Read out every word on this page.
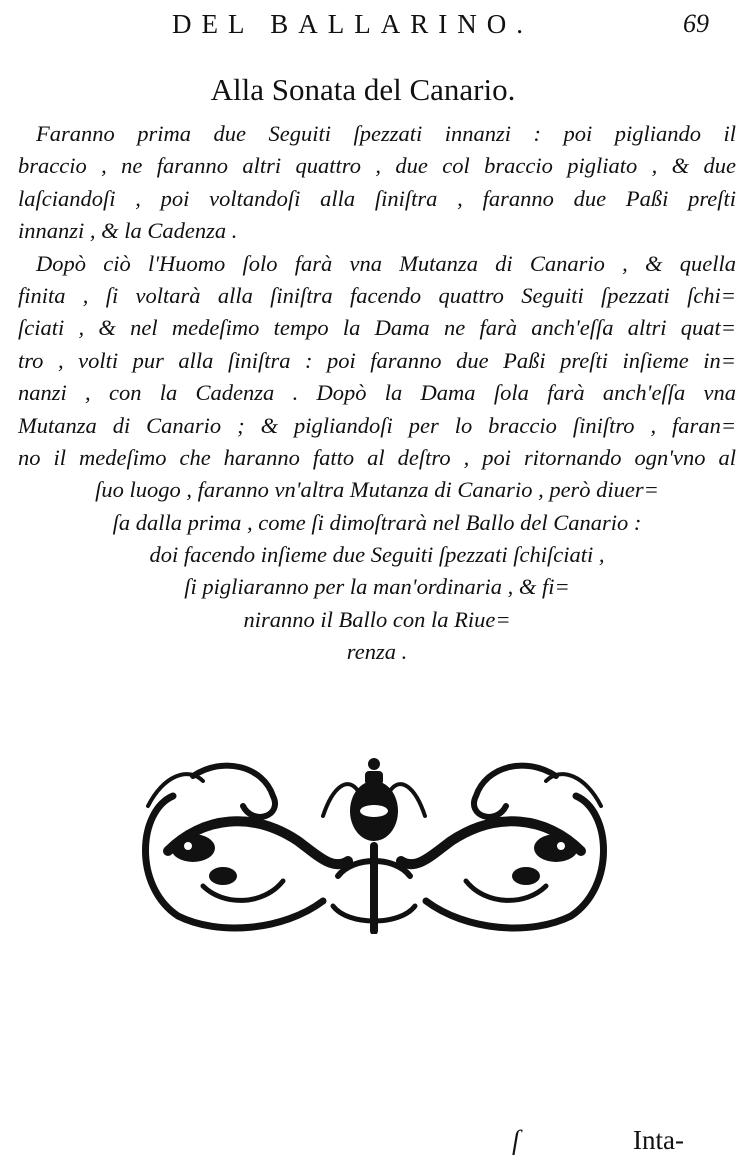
DEL BALLARINO.	69
Alla Sonata del Canario.
Faranno prima due Seguiti ſpezzati innanzi : poi pigliando il
braccio , ne faranno altri quattro , due col braccio pigliato , & due
laſciandoſi , poi voltandoſi alla ſiniſtra , faranno due Paßi preſti
innanzi , & la Cadenza .
Dopò ciò l'Huomo ſolo farà vna Mutanza di Canario , & quella
finita , ſi voltarà alla ſiniſtra facendo quattro Seguiti ſpezzati ſchi=
ſciati , & nel medeſimo tempo la Dama ne farà anch'eſſa altri quat=
tro , volti pur alla ſiniſtra : poi faranno due Paßi preſti inſieme in=
nanzi , con la Cadenza . Dopò la Dama ſola farà anch'eſſa vna
Mutanza di Canario ; & pigliandoſi per lo braccio ſiniſtro , faran=
no il medeſimo che haranno fatto al deſtro , poi ritornando ogn'vno al
ſuo luogo , faranno vn'altra Mutanza di Canario , però diuer=
ſa dalla prima , come ſi dimoſtrarà nel Ballo del Canario :
doi facendo inſieme due Seguiti ſpezzati ſchiſciati ,
ſi pigliaranno per la man'ordinaria , & fi=
niranno il Ballo con la Riue=
renza .
ſ	Inta-
